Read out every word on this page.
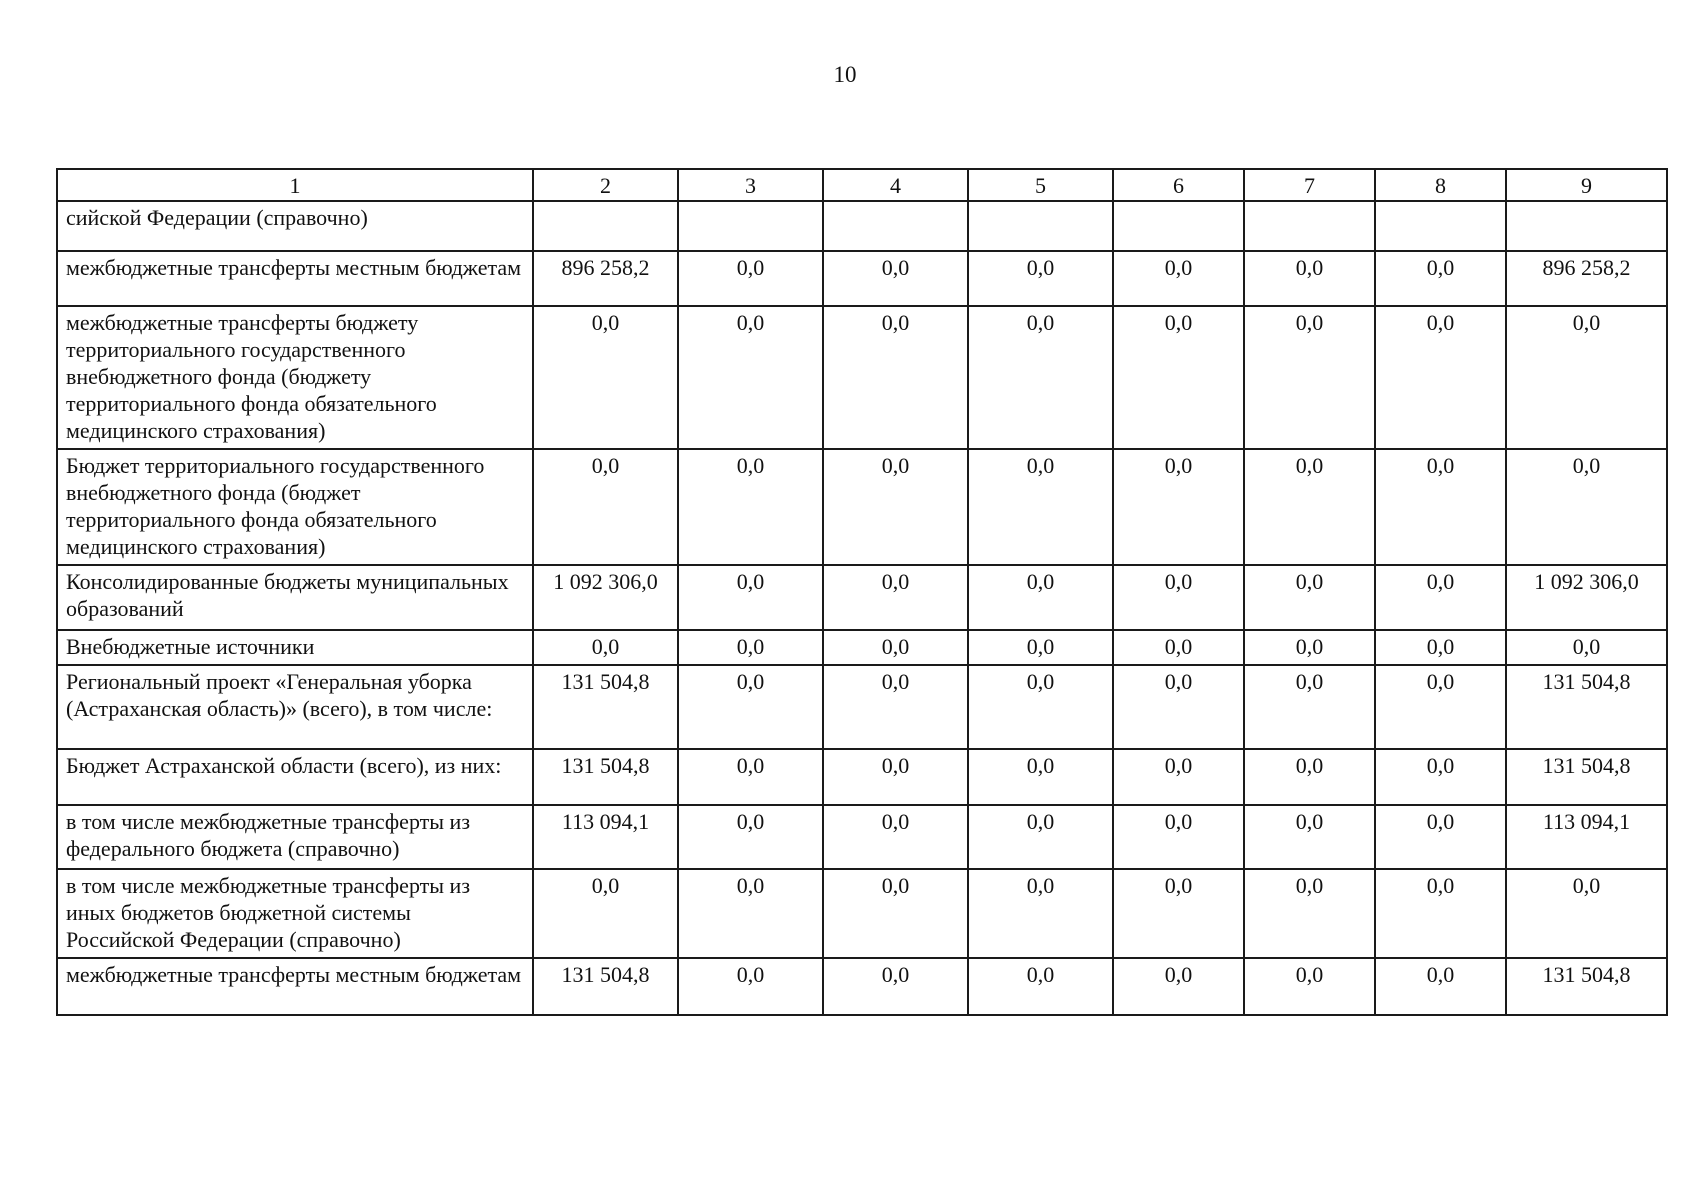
10
1	2	3	4	5	6	7	8	9
сийской Федерации (справочно)								
межбюджетные трансферты местным бюджетам	896 258,2	0,0	0,0	0,0	0,0	0,0	0,0	896 258,2
межбюджетные трансферты бюджету территориального государственного внебюджетного фонда (бюджету территориального фонда обязательного медицинского страхования)	0,0	0,0	0,0	0,0	0,0	0,0	0,0	0,0
Бюджет территориального государственного внебюджетного фонда (бюджет территориального фонда обязательного медицинского страхования)	0,0	0,0	0,0	0,0	0,0	0,0	0,0	0,0
Консолидированные бюджеты муниципальных образований	1 092 306,0	0,0	0,0	0,0	0,0	0,0	0,0	1 092 306,0
Внебюджетные источники	0,0	0,0	0,0	0,0	0,0	0,0	0,0	0,0
Региональный проект «Генеральная уборка (Астраханская область)» (всего), в том числе:	131 504,8	0,0	0,0	0,0	0,0	0,0	0,0	131 504,8
Бюджет Астраханской области (всего), из них:	131 504,8	0,0	0,0	0,0	0,0	0,0	0,0	131 504,8
в том числе межбюджетные трансферты из федерального бюджета (справочно)	113 094,1	0,0	0,0	0,0	0,0	0,0	0,0	113 094,1
в том числе межбюджетные трансферты из иных бюджетов бюджетной системы Российской Федерации (справочно)	0,0	0,0	0,0	0,0	0,0	0,0	0,0	0,0
межбюджетные трансферты местным бюджетам	131 504,8	0,0	0,0	0,0	0,0	0,0	0,0	131 504,8
